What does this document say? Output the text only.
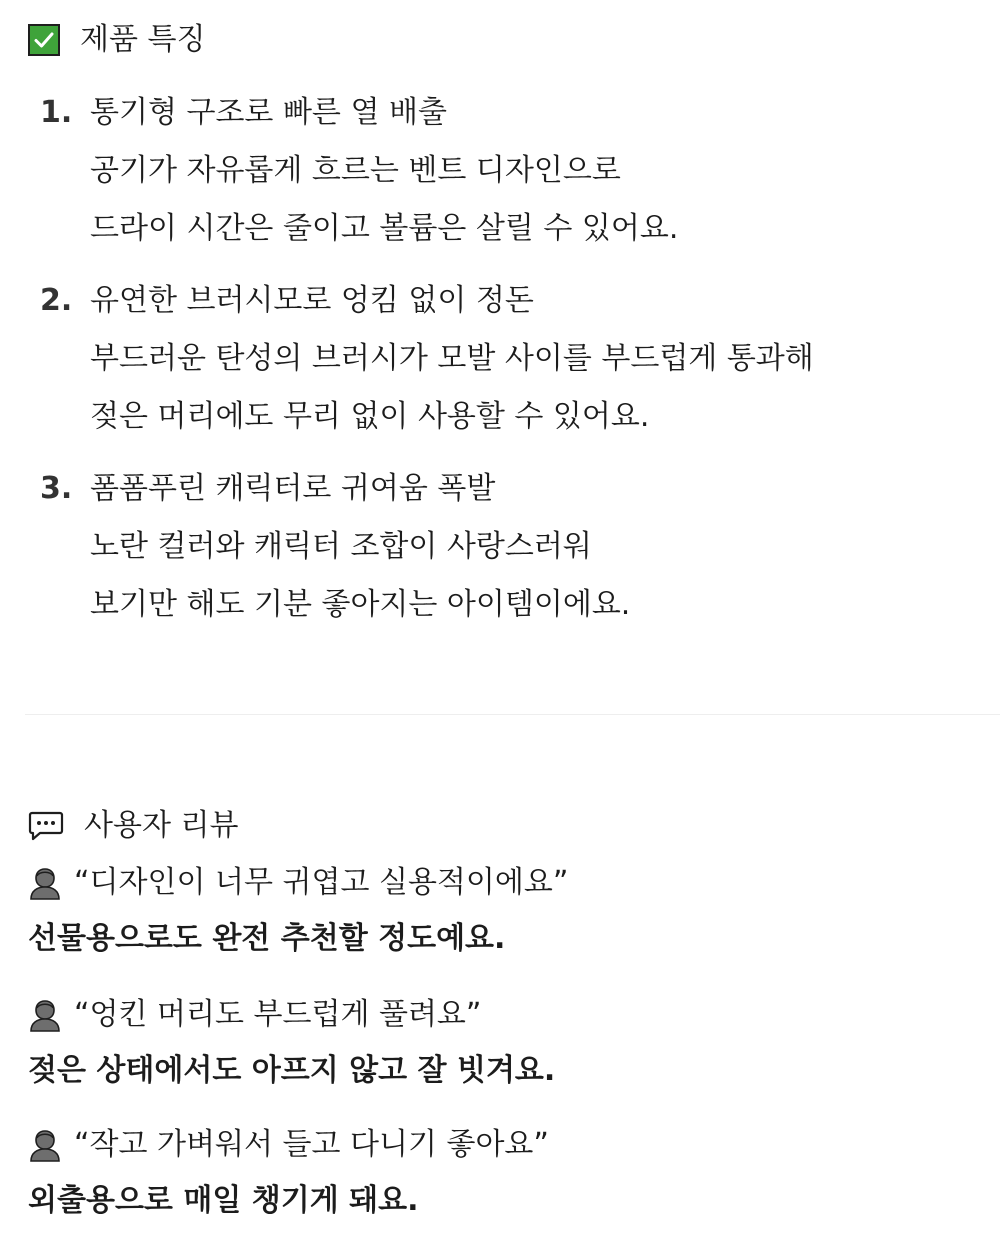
제품 특징
1. 통기형 구조로 빠른 열 배출
공기가 자유롭게 흐르는 벤트 디자인으로
드라이 시간은 줄이고 볼륨은 살릴 수 있어요.
2. 유연한 브러시모로 엉킴 없이 정돈
부드러운 탄성의 브러시가 모발 사이를 부드럽게 통과해
젖은 머리에도 무리 없이 사용할 수 있어요.
3. 폼폼푸린 캐릭터로 귀여움 폭발
노란 컬러와 캐릭터 조합이 사랑스러워
보기만 해도 기분 좋아지는 아이템이에요.
사용자 리뷰
“디자인이 너무 귀엽고 실용적이에요”
선물용으로도 완전 추천할 정도예요.
“엉킨 머리도 부드럽게 풀려요”
젖은 상태에서도 아프지 않고 잘 빗겨요.
“작고 가벼워서 들고 다니기 좋아요”
외출용으로 매일 챙기게 돼요.
